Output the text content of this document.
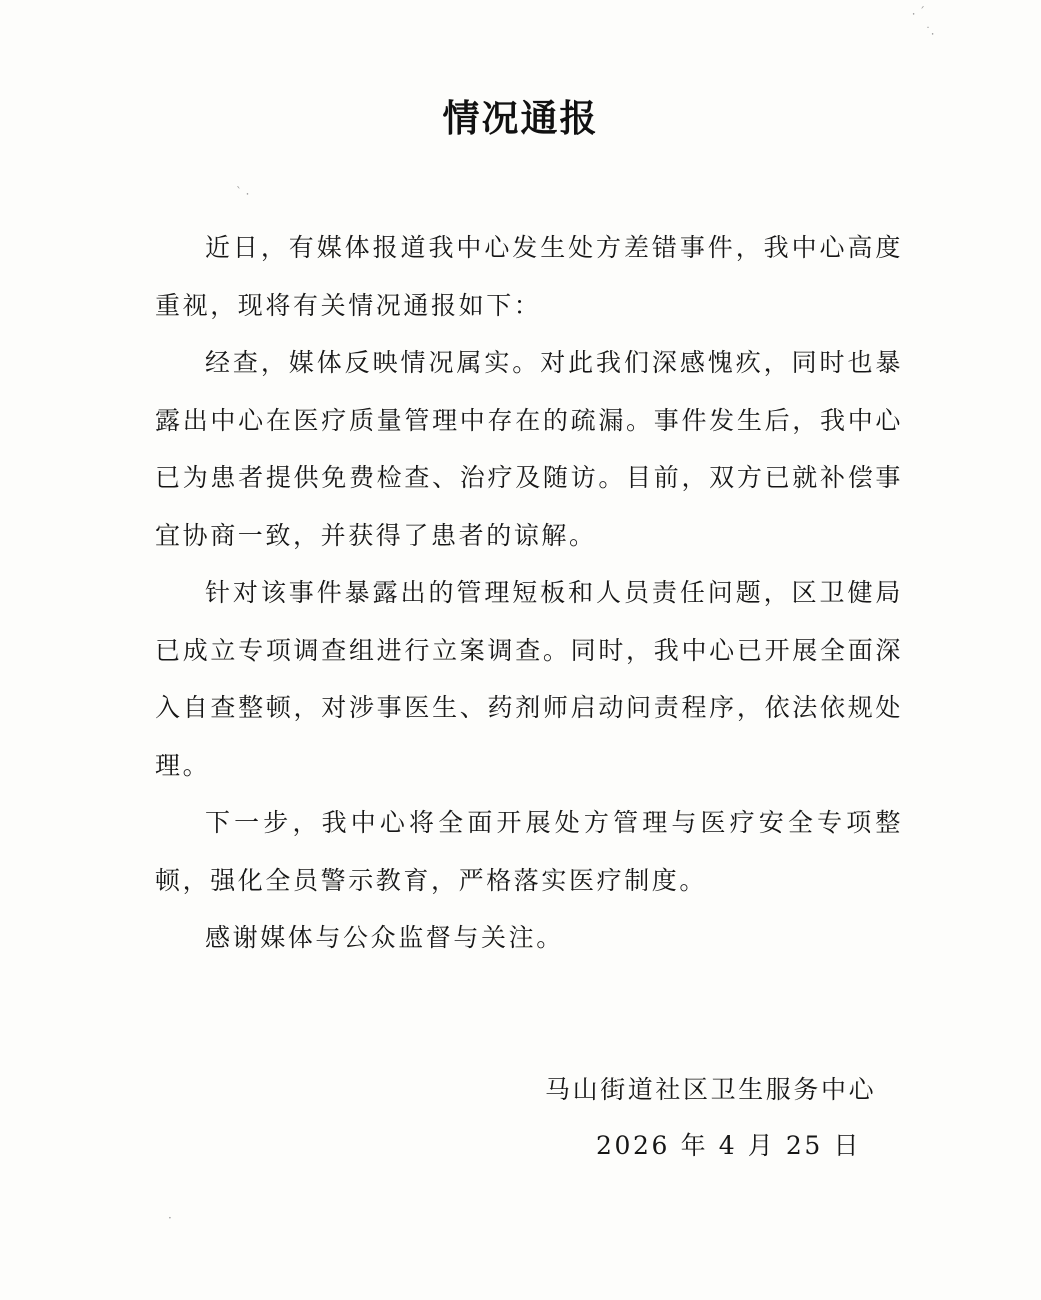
⸳ ˊ
˙⸳
ˋ ⸳
·
情况通报

近日，有媒体报道我中心发生处方差错事件，我中心高度重视，现将有关情况通报如下：

经查，媒体反映情况属实。对此我们深感愧疚，同时也暴露出中心在医疗质量管理中存在的疏漏。事件发生后，我中心已为患者提供免费检查、治疗及随访。目前，双方已就补偿事宜协商一致，并获得了患者的谅解。

针对该事件暴露出的管理短板和人员责任问题，区卫健局已成立专项调查组进行立案调查。同时，我中心已开展全面深入自查整顿，对涉事医生、药剂师启动问责程序，依法依规处理。

下一步，我中心将全面开展处方管理与医疗安全专项整顿，强化全员警示教育，严格落实医疗制度。

感谢媒体与公众监督与关注。

马山街道社区卫生服务中心
2026 年 4 月 25 日
